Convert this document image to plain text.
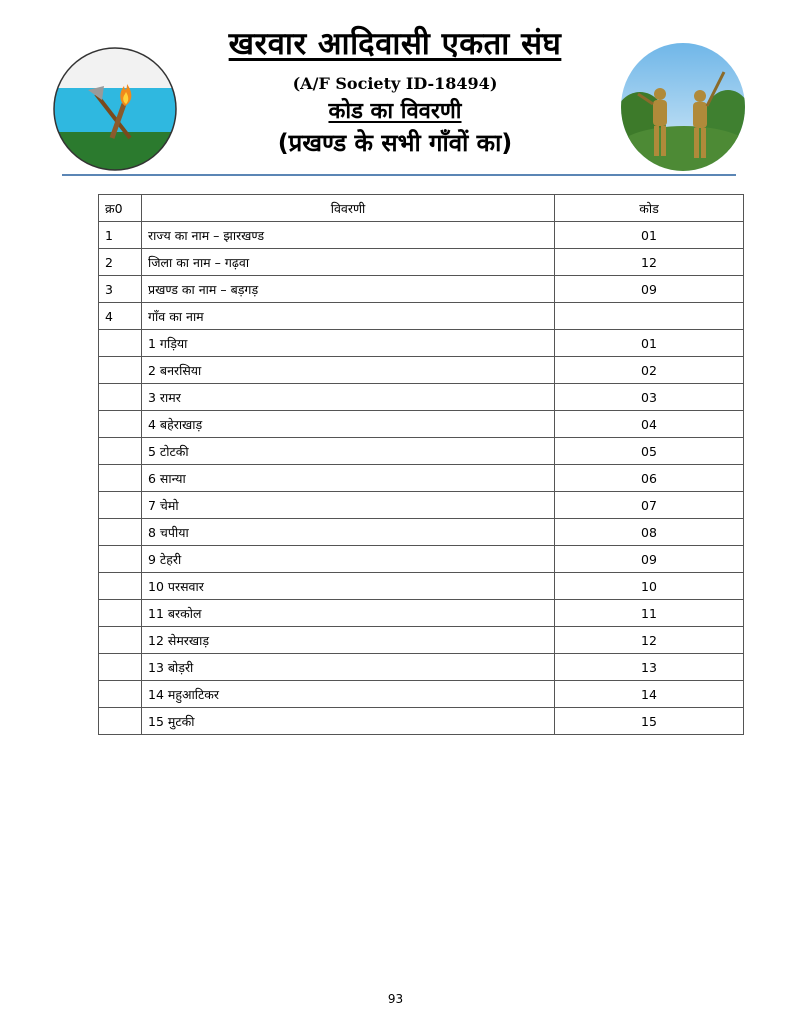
खरवार आदिवासी एकता संघ
(A/F Society ID-18494)
कोड का विवरणी
(प्रखण्ड के सभी गाँवों का)
क्र0	विवरणी	कोड
1	राज्य का नाम – झारखण्ड	01
2	जिला का नाम – गढ़वा	12
3	प्रखण्ड का नाम – बड़गड़	09
4	गाँव का नाम	
	1 गड़िया	01
	2 बनरसिया	02
	3 रामर	03
	4 बहेराखाड़	04
	5 टोटकी	05
	6 सान्या	06
	7 चेमो	07
	8 चपीया	08
	9 टेहरी	09
	10 परसवार	10
	11 बरकोल	11
	12 सेमरखाड़	12
	13 बोड़री	13
	14 महुआटिकर	14
	15 मुटकी	15
93
